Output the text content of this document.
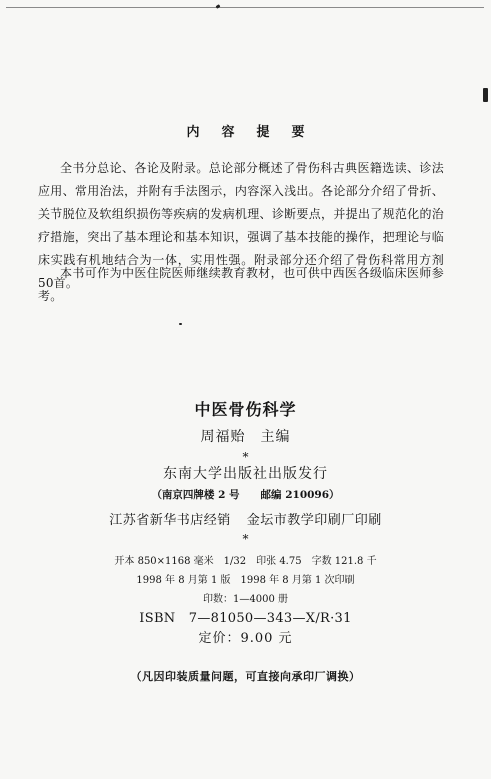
内容提要

全书分总论、各论及附录。总论部分概述了骨伤科古典医籍选读、诊法应用、常用治法，并附有手法图示，内容深入浅出。各论部分介绍了骨折、关节脱位及软组织损伤等疾病的发病机理、诊断要点，并提出了规范化的治疗措施，突出了基本理论和基本知识，强调了基本技能的操作，把理论与临床实践有机地结合为一体，实用性强。附录部分还介绍了骨伤科常用方剂50首。

本书可作为中医住院医师继续教育教材，也可供中西医各级临床医师参考。

中医骨伤科学
周福贻　主编
*
东南大学出版社出版发行
（南京四牌楼 2 号　　邮编 210096）
江苏省新华书店经销 金坛市教学印刷厂印刷
*
开本 850×1168 毫米　1/32　印张 4.75　字数 121.8 千
1998 年 8 月第 1 版　1998 年 8 月第 1 次印刷
印数：1—4000 册
ISBN　7—81050—343—X/R·31
定价：9.00 元
（凡因印装质量问题，可直接向承印厂调换）
